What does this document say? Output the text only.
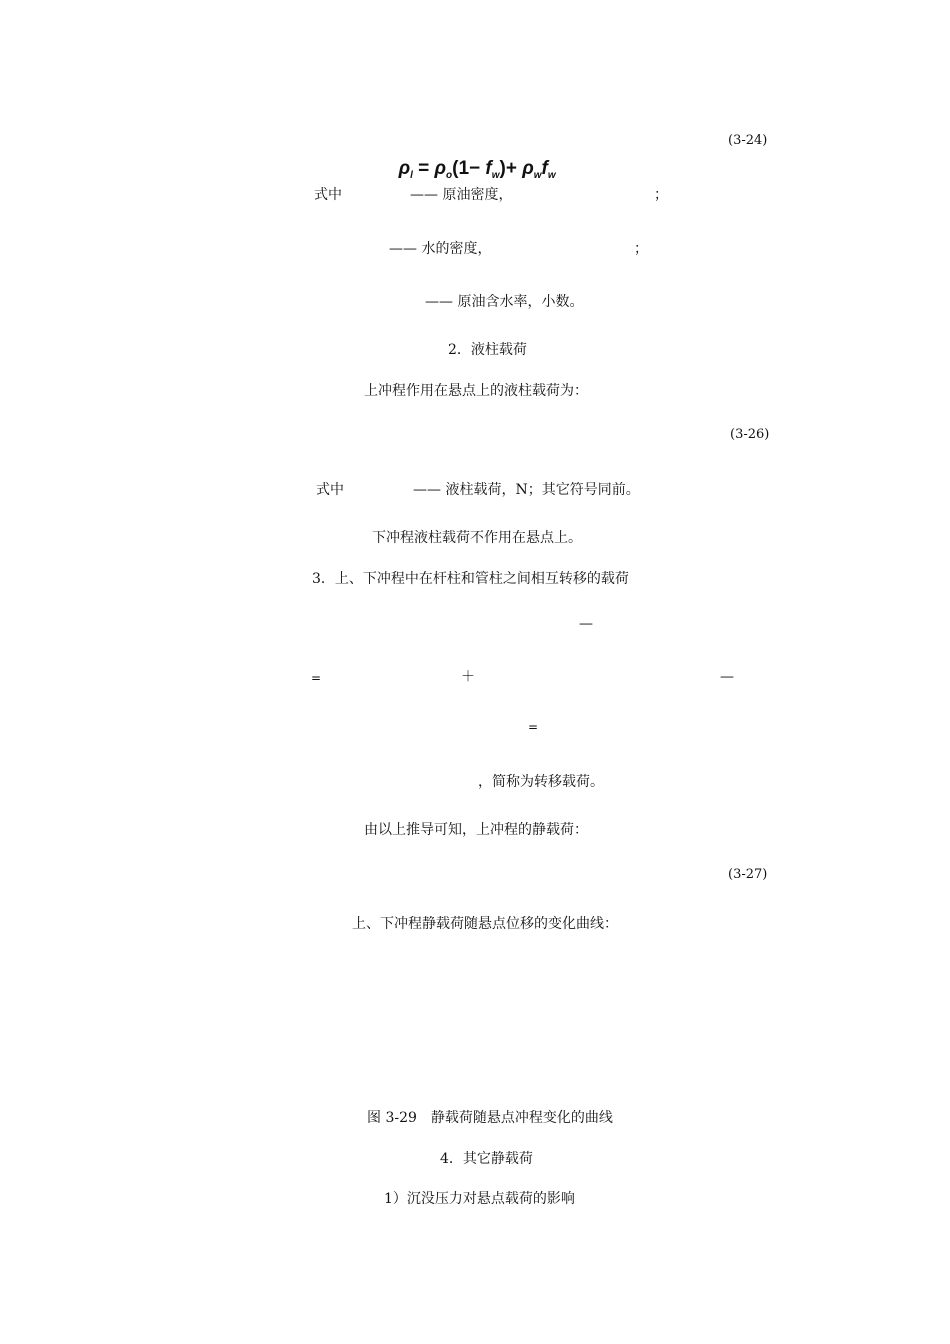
$\rho_l = \rho_o(1- f_w)+ \rho_wf_w$

(3-24)
式中	—— 原油密度，	；
—— 水的密度，	；
—— 原油含水率，小数。
2．液柱载荷
上冲程作用在悬点上的液柱载荷为：
(3-26)
式中	—— 液柱载荷，N；其它符号同前。
下冲程液柱载荷不作用在悬点上。
3．上、下冲程中在杆柱和管柱之间相互转移的载荷
—
=	＋	—
=
，简称为转移载荷。
由以上推导可知，上冲程的静载荷：
(3-27)
上、下冲程静载荷随悬点位移的变化曲线：
图 3-29　静载荷随悬点冲程变化的曲线
4．其它静载荷
1）沉没压力对悬点载荷的影响
